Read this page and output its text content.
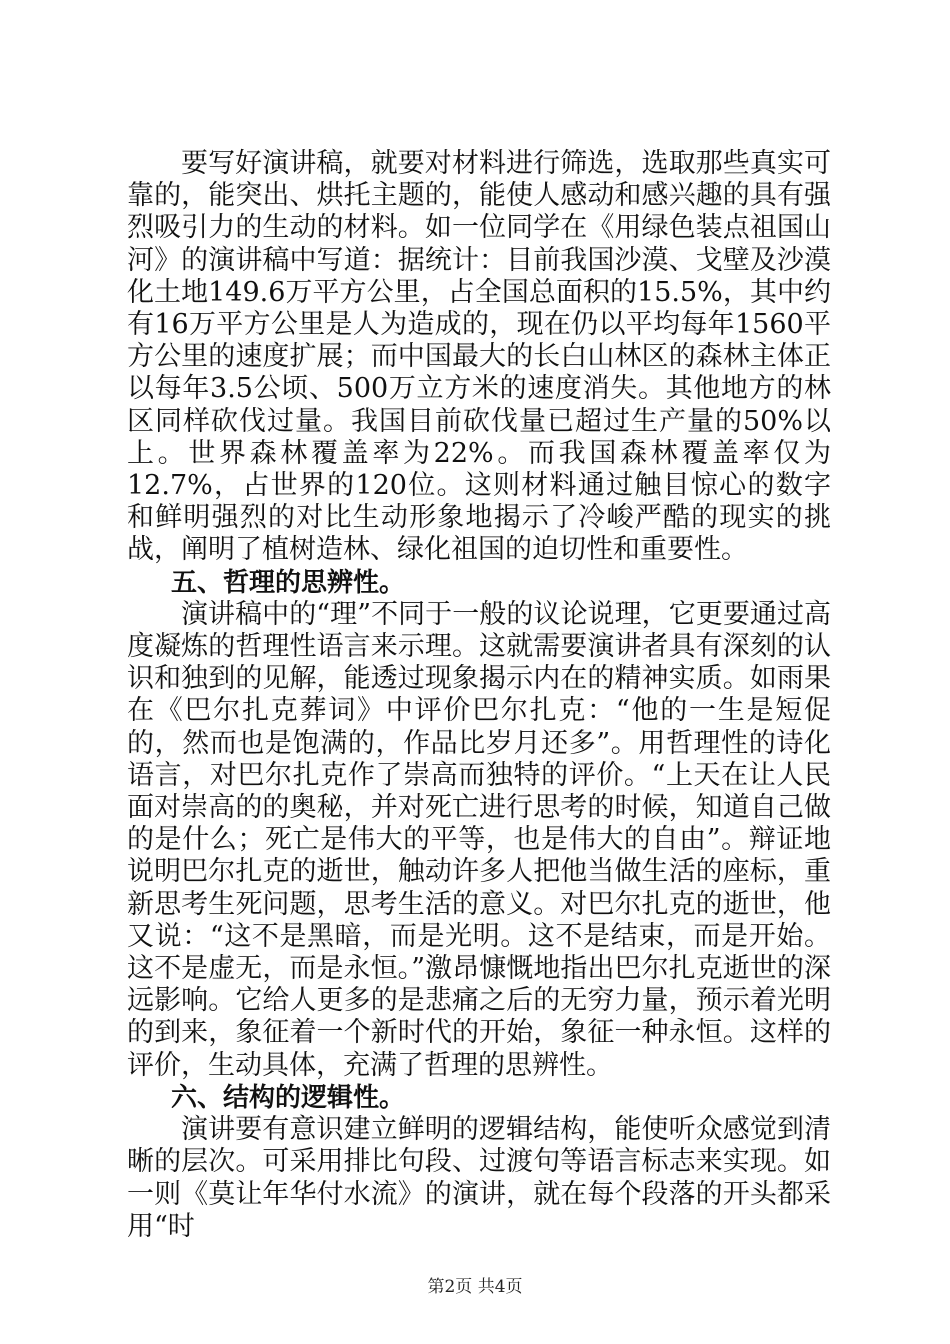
要写好演讲稿，就要对材料进行筛选，选取那些真实可靠的，能突出、烘托主题的，能使人感动和感兴趣的具有强烈吸引力的生动的材料。如一位同学在《用绿色装点祖国山河》的演讲稿中写道：据统计：目前我国沙漠、戈壁及沙漠化土地149.6万平方公里，占全国总面积的15.5%，其中约有16万平方公里是人为造成的，现在仍以平均每年1560平方公里的速度扩展；而中国最大的长白山林区的森林主体正以每年3.5公顷、500万立方米的速度消失。其他地方的林区同样砍伐过量。我国目前砍伐量已超过生产量的50%以上。世界森林覆盖率为22%。而我国森林覆盖率仅为12.7%，占世界的120位。这则材料通过触目惊心的数字和鲜明强烈的对比生动形象地揭示了冷峻严酷的现实的挑战，阐明了植树造林、绿化祖国的迫切性和重要性。

五、哲理的思辨性。

演讲稿中的“理”不同于一般的议论说理，它更要通过高度凝炼的哲理性语言来示理。这就需要演讲者具有深刻的认识和独到的见解，能透过现象揭示内在的精神实质。如雨果在《巴尔扎克葬词》中评价巴尔扎克：“他的一生是短促的，然而也是饱满的，作品比岁月还多”。用哲理性的诗化语言，对巴尔扎克作了崇高而独特的评价。“上天在让人民面对崇高的的奥秘，并对死亡进行思考的时候，知道自己做的是什么；死亡是伟大的平等，也是伟大的自由”。辩证地说明巴尔扎克的逝世，触动许多人把他当做生活的座标，重新思考生死问题，思考生活的意义。对巴尔扎克的逝世，他又说：“这不是黑暗，而是光明。这不是结束，而是开始。这不是虚无，而是永恒。”激昂慷慨地指出巴尔扎克逝世的深远影响。它给人更多的是悲痛之后的无穷力量，预示着光明的到来，象征着一个新时代的开始，象征一种永恒。这样的评价，生动具体，充满了哲理的思辨性。

六、结构的逻辑性。

演讲要有意识建立鲜明的逻辑结构，能使听众感觉到清晰的层次。可采用排比句段、过渡句等语言标志来实现。如一则《莫让年华付水流》的演讲，就在每个段落的开头都采用“时

第2页 共4页
